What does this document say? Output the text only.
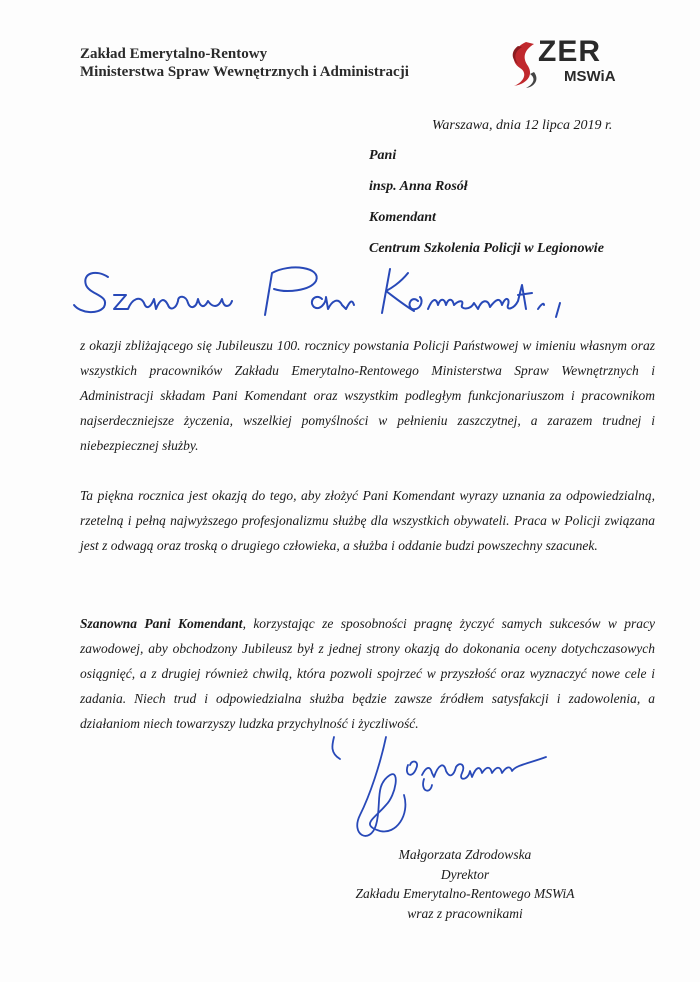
Zakład Emerytalno-Rentowy
Ministerstwa Spraw Wewnętrznych i Administracji
ZER
MSWiA
Warszawa, dnia 12 lipca 2019 r.
Pani
insp. Anna Rosół
Komendant
Centrum Szkolenia Policji w Legionowie
z okazji zbliżającego się Jubileuszu 100. rocznicy powstania Policji Państwowej w imieniu własnym oraz wszystkich pracowników Zakładu Emerytalno-Rentowego Ministerstwa Spraw Wewnętrznych i Administracji składam Pani Komendant oraz wszystkim podległym funkcjonariuszom i pracownikom najserdeczniejsze życzenia, wszelkiej pomyślności w pełnieniu zaszczytnej, a zarazem trudnej i niebezpiecznej służby.
Ta piękna rocznica jest okazją do tego, aby złożyć Pani Komendant wyrazy uznania za odpowiedzialną, rzetelną i pełną najwyższego profesjonalizmu służbę dla wszystkich obywateli. Praca w Policji związana jest z odwagą oraz troską o drugiego człowieka, a służba i oddanie budzi powszechny szacunek.
Szanowna Pani Komendant, korzystając ze sposobności pragnę życzyć samych sukcesów w pracy zawodowej, aby obchodzony Jubileusz był z jednej strony okazją do dokonania oceny dotychczasowych osiągnięć, a z drugiej również chwilą, która pozwoli spojrzeć w przyszłość oraz wyznaczyć nowe cele i zadania. Niech trud i odpowiedzialna służba będzie zawsze źródłem satysfakcji i zadowolenia, a działaniom niech towarzyszy ludzka przychylność i życzliwość.
Małgorzata Zdrodowska
Dyrektor
Zakładu Emerytalno-Rentowego MSWiA
wraz z pracownikami
